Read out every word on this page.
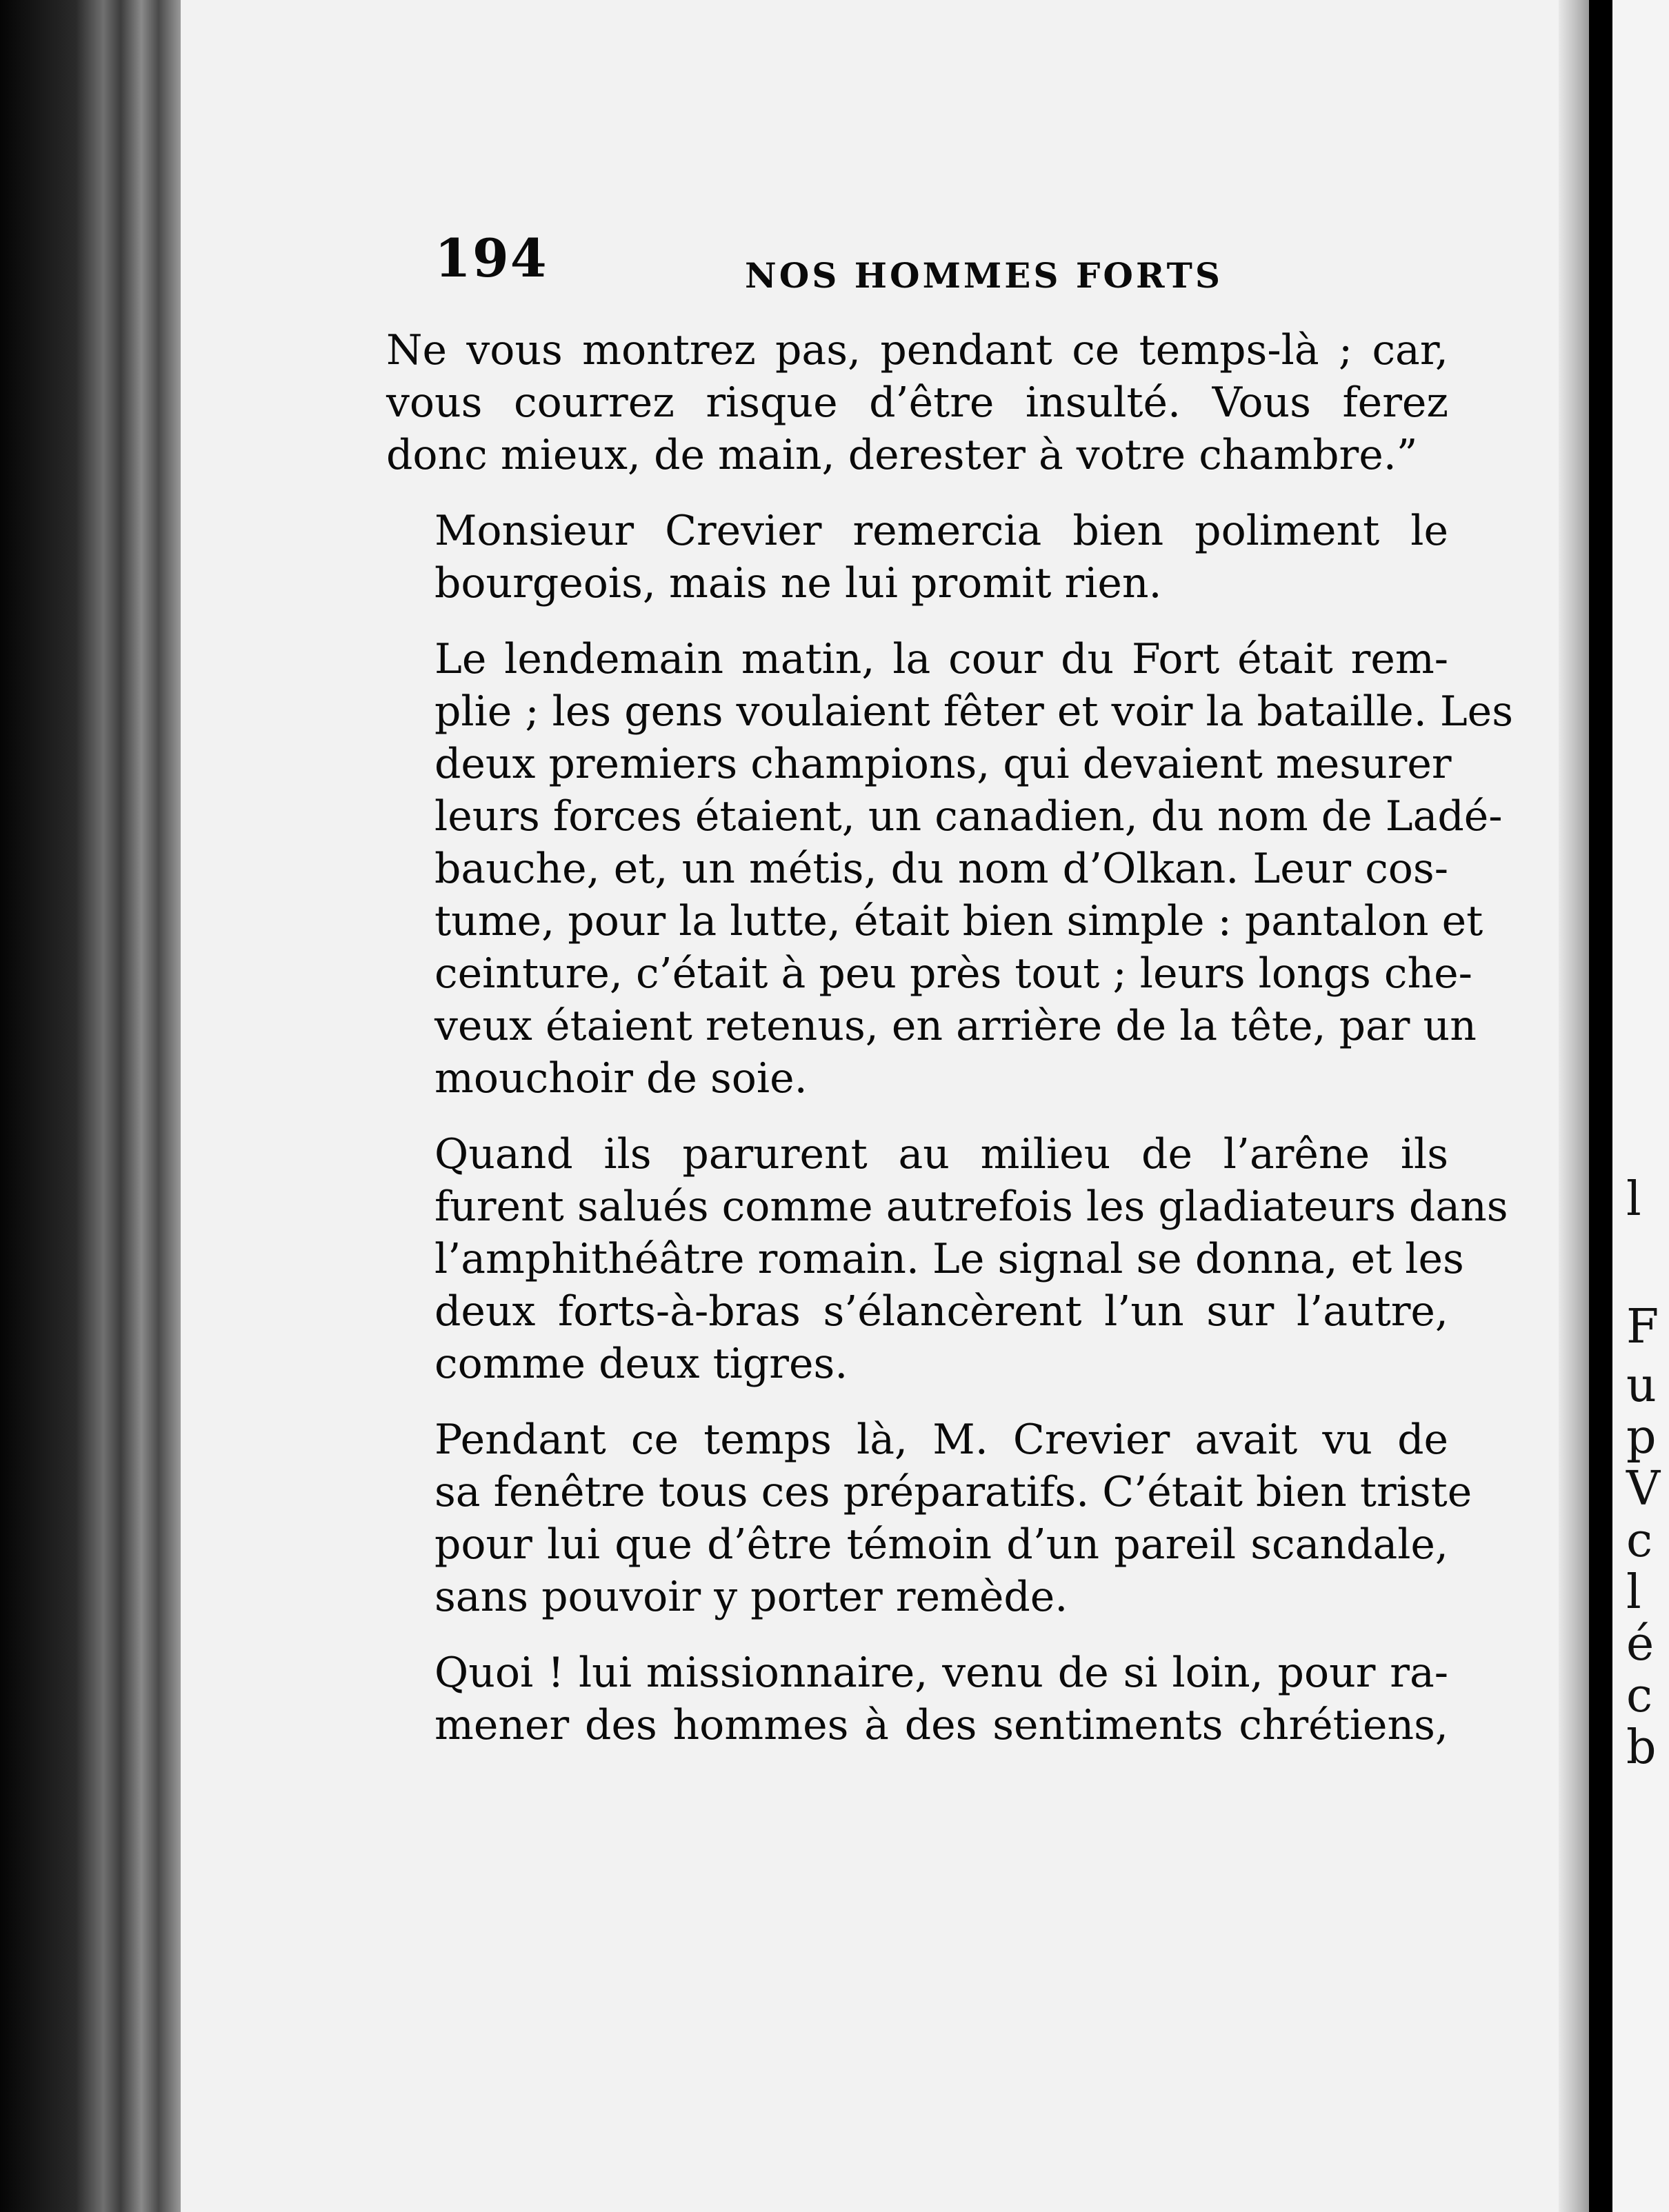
l
F
u
p
V
c
l
é
c
b
194	NOS HOMMES FORTS

Ne vous montrez pas, pendant ce temps-là ; car,
vous courrez risque d’être insulté. Vous ferez
donc mieux, de main, derester à votre chambre.”

Monsieur Crevier remercia bien poliment le
bourgeois, mais ne lui promit rien.

Le lendemain matin, la cour du Fort était rem-
plie ; les gens voulaient fêter et voir la bataille. Les
deux premiers champions, qui devaient mesurer
leurs forces étaient, un canadien, du nom de Ladé-
bauche, et, un métis, du nom d’Olkan. Leur cos-
tume, pour la lutte, était bien simple : pantalon et
ceinture, c’était à peu près tout ; leurs longs che-
veux étaient retenus, en arrière de la tête, par un
mouchoir de soie.

Quand ils parurent au milieu de l’arêne ils
furent salués comme autrefois les gladiateurs dans
l’amphithéâtre romain. Le signal se donna, et les
deux forts-à-bras s’élancèrent l’un sur l’autre,
comme deux tigres.

Pendant ce temps là, M. Crevier avait vu de
sa fenêtre tous ces préparatifs. C’était bien triste
pour lui que d’être témoin d’un pareil scandale,
sans pouvoir y porter remède.

Quoi ! lui missionnaire, venu de si loin, pour ra-
mener des hommes à des sentiments chrétiens,
